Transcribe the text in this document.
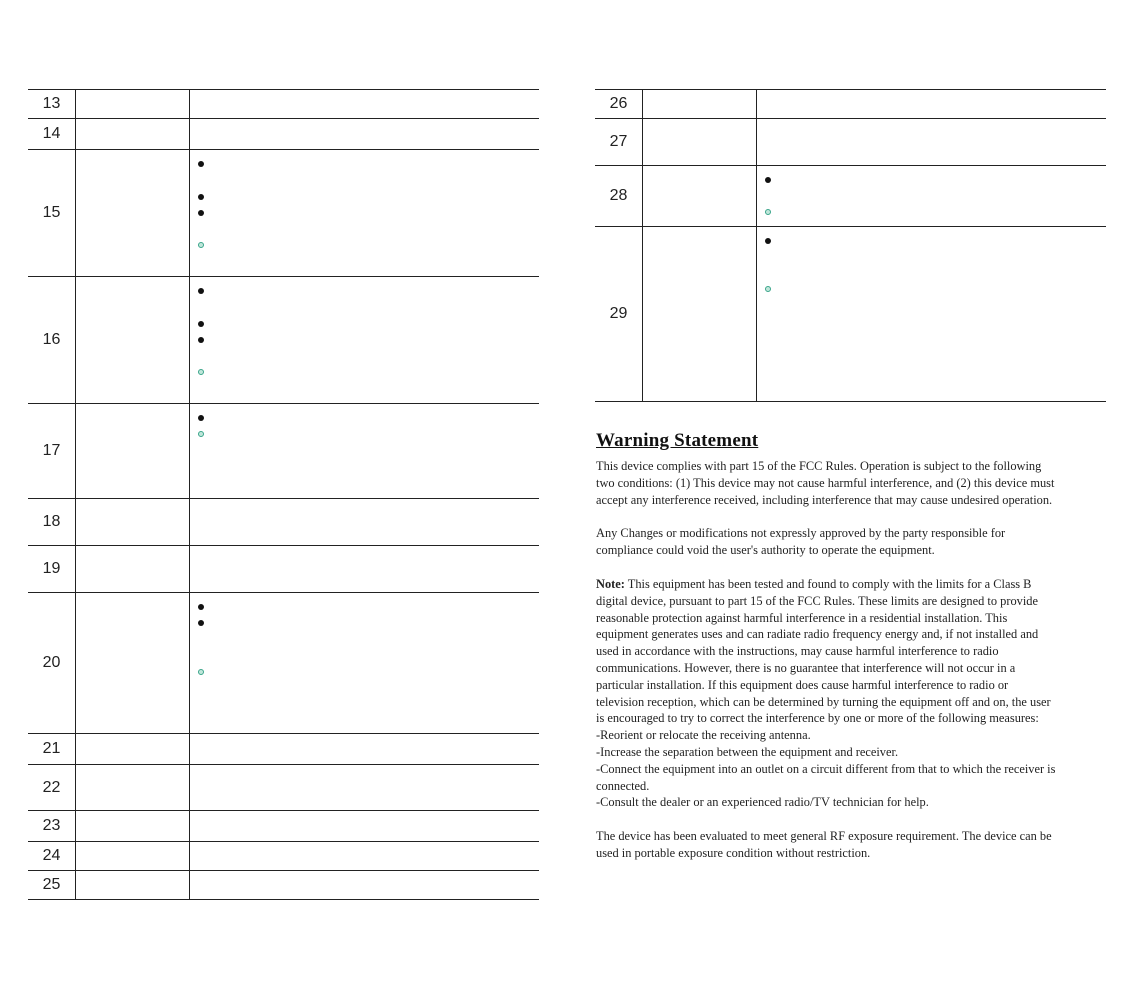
13
14
15
16
17
18
19
20
21
22
23
24
25
26
27
28
29
Warning Statement

This device complies with part 15 of the FCC Rules. Operation is subject to the following two conditions: (1) This device may not cause harmful interference, and (2) this device must accept any interference received, including interference that may cause undesired operation.

Any Changes or modifications not expressly approved by the party responsible for compliance could void the user's authority to operate the equipment.

Note: This equipment has been tested and found to comply with the limits for a Class B digital device, pursuant to part 15 of the FCC Rules. These limits are designed to provide reasonable protection against harmful interference in a residential installation. This equipment generates uses and can radiate radio frequency energy and, if not installed and used in accordance with the instructions, may cause harmful interference to radio communications. However, there is no guarantee that interference will not occur in a particular installation. If this equipment does cause harmful interference to radio or television reception, which can be determined by turning the equipment off and on, the user is encouraged to try to correct the interference by one or more of the following measures:

-Reorient or relocate the receiving antenna.

-Increase the separation between the equipment and receiver.

-Connect the equipment into an outlet on a circuit different from that to which the receiver is connected.

-Consult the dealer or an experienced radio/TV technician for help.

The device has been evaluated to meet general RF exposure requirement. The device can be used in portable exposure condition without restriction.
